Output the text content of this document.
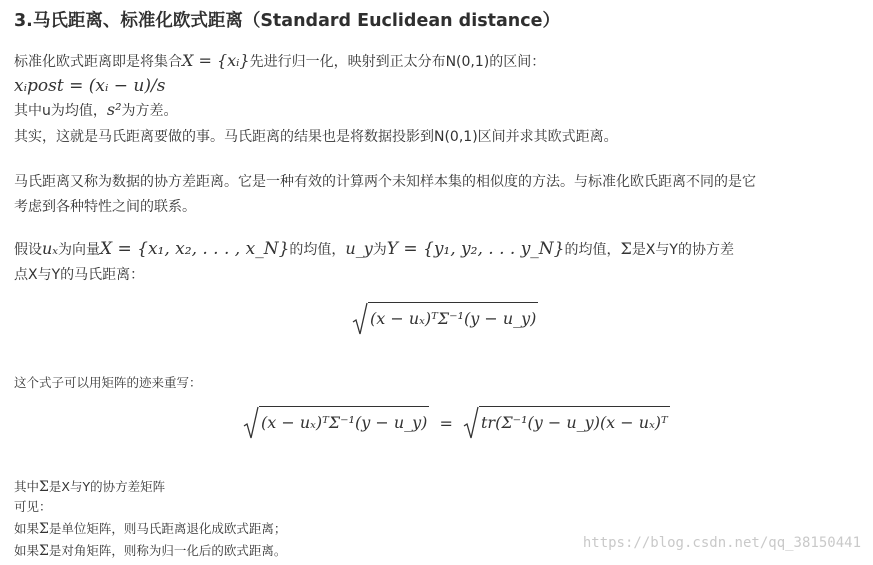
3.马氏距离、标准化欧式距离（Standard Euclidean distance）
标准化欧式距离即是将集合X = {xᵢ}先进行归一化，映射到正太分布N(0,1)的区间：
xᵢpost = (xᵢ − u)/s
其中u为均值，s²为方差。
其实，这就是马氏距离要做的事。马氏距离的结果也是将数据投影到N(0,1)区间并求其欧式距离。
马氏距离又称为数据的协方差距离。它是一种有效的计算两个未知样本集的相似度的方法。与标准化欧氏距离不同的是它
考虑到各种特性之间的联系。
假设uₓ为向量X = {x₁, x₂, . . . , x_N}的均值，u_y为Y = {y₁, y₂, . . . y_N}的均值，Σ是X与Y的协方差
点X与Y的马氏距离：
(x − uₓ)ᵀΣ⁻¹(y − u_y)
这个式子可以用矩阵的迹来重写：
(x − uₓ)ᵀΣ⁻¹(y − u_y) = tr(Σ⁻¹(y − u_y)(x − uₓ)ᵀ
其中Σ是X与Y的协方差矩阵
可见：
如果Σ是单位矩阵，则马氏距离退化成欧式距离；
如果Σ是对角矩阵，则称为归一化后的欧式距离。	https://blog.csdn.net/qq_38150441
